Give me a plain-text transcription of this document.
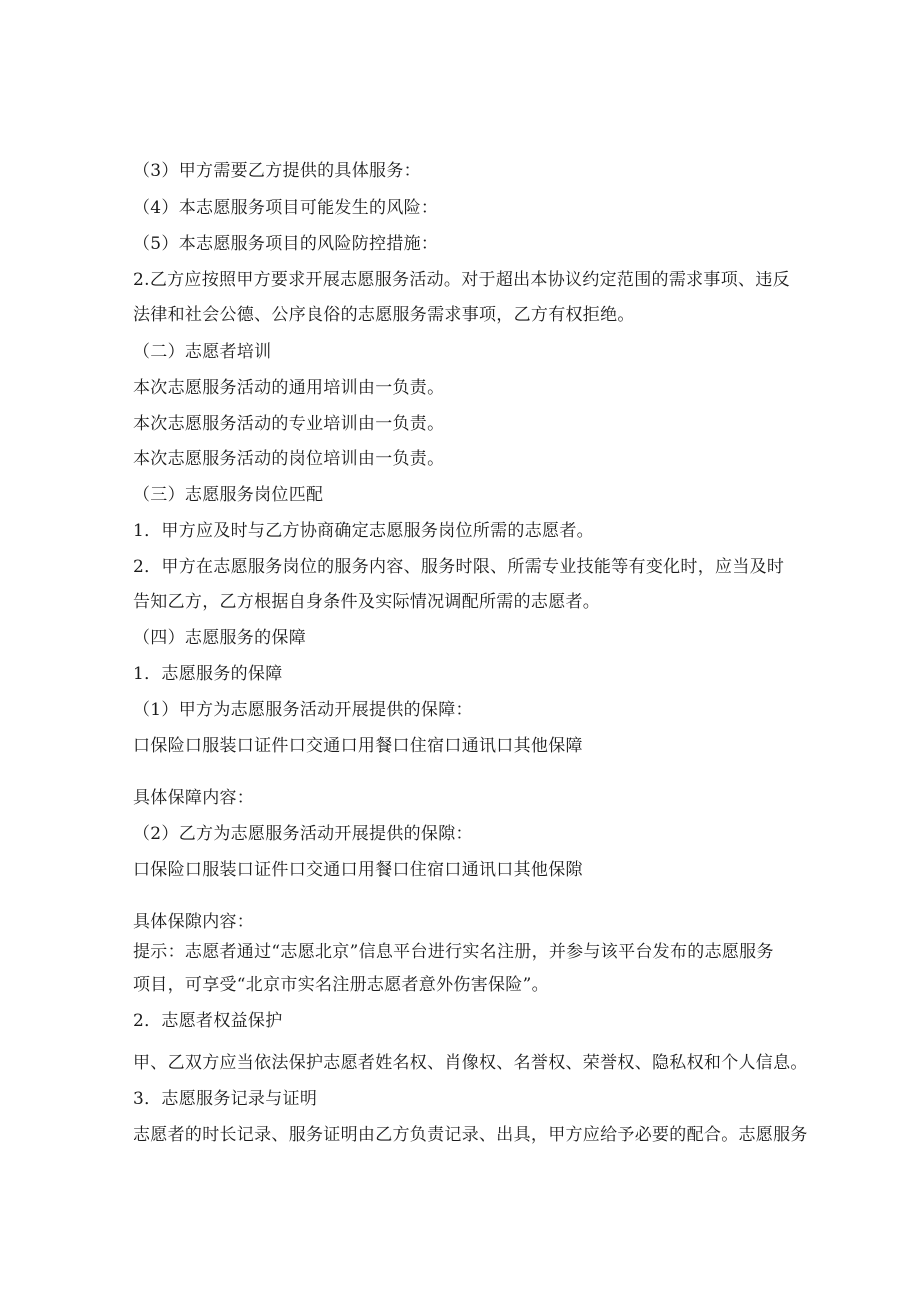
（3）甲方需要乙方提供的具体服务：
（4）本志愿服务项目可能发生的风险：
（5）本志愿服务项目的风险防控措施：
2.乙方应按照甲方要求开展志愿服务活动。对于超出本协议约定范围的需求事项、违反
法律和社会公德、公序良俗的志愿服务需求事项，乙方有权拒绝。
（二）志愿者培训
本次志愿服务活动的通用培训由一负责。
本次志愿服务活动的专业培训由一负责。
本次志愿服务活动的岗位培训由一负责。
（三）志愿服务岗位匹配
1．甲方应及时与乙方协商确定志愿服务岗位所需的志愿者。
2．甲方在志愿服务岗位的服务内容、服务时限、所需专业技能等有变化时，应当及时
告知乙方，乙方根据自身条件及实际情况调配所需的志愿者。
（四）志愿服务的保障
1．志愿服务的保障
（1）甲方为志愿服务活动开展提供的保障：
口保险口服装口证件口交通口用餐口住宿口通讯口其他保障
具体保障内容：
（2）乙方为志愿服务活动开展提供的保隙：
口保险口服装口证件口交通口用餐口住宿口通讯口其他保隙
具体保隙内容：
提示：志愿者通过“志愿北京”信息平台进行实名注册，并参与该平台发布的志愿服务
项目，可享受“北京市实名注册志愿者意外伤害保险”。
2．志愿者权益保护
甲、乙双方应当依法保护志愿者姓名权、肖像权、名誉权、荣誉权、隐私权和个人信息。
3．志愿服务记录与证明
志愿者的时长记录、服务证明由乙方负责记录、出具，甲方应给予必要的配合。志愿服务
